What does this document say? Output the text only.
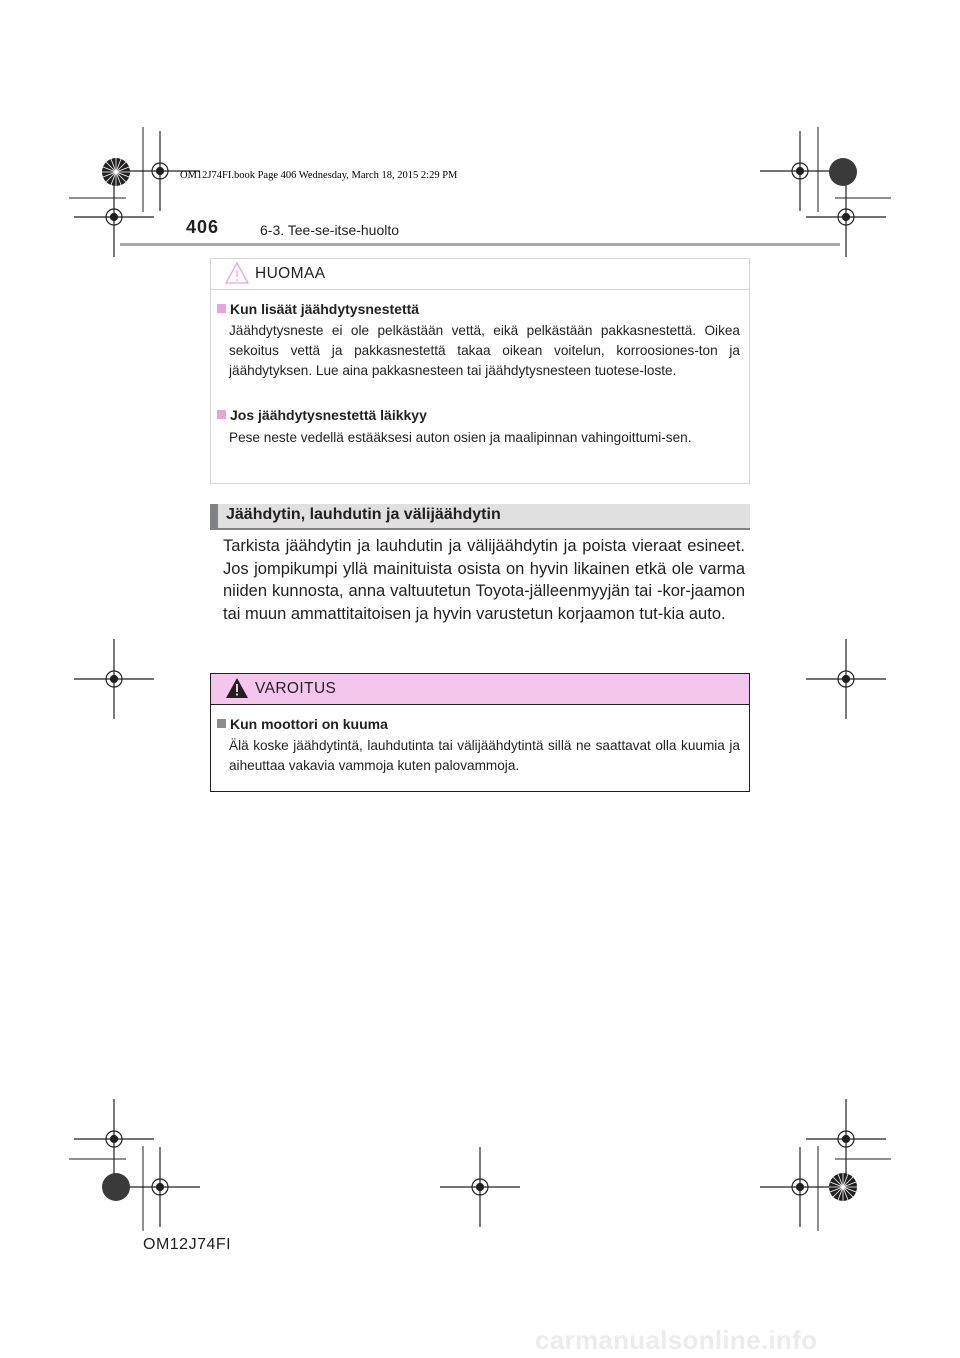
OM12J74FI.book Page 406 Wednesday, March 18, 2015 2:29 PM
406	6-3. Tee-se-itse-huolto
HUOMAA
Kun lisäät jäähdytysnestettä
Jäähdytysneste ei ole pelkästään vettä, eikä pelkästään pakkasnestettä. Oikea sekoitus vettä ja pakkasnestettä takaa oikean voitelun, korroosiones-ton ja jäähdytyksen. Lue aina pakkasnesteen tai jäähdytysnesteen tuotese-loste.
Jos jäähdytysnestettä läikkyy
Pese neste vedellä estääksesi auton osien ja maalipinnan vahingoittumi-sen.
Jäähdytin, lauhdutin ja välijäähdytin
Tarkista jäähdytin ja lauhdutin ja välijäähdytin ja poista vieraat esineet. Jos jompikumpi yllä mainituista osista on hyvin likainen etkä ole varma niiden kunnosta, anna valtuutetun Toyota-jälleenmyyjän tai -kor-jaamon tai muun ammattitaitoisen ja hyvin varustetun korjaamon tut-kia auto.
VAROITUS
Kun moottori on kuuma
Älä koske jäähdytintä, lauhdutinta tai välijäähdytintä sillä ne saattavat olla kuumia ja aiheuttaa vakavia vammoja kuten palovammoja.
OM12J74FI
carmanualsonline.info
